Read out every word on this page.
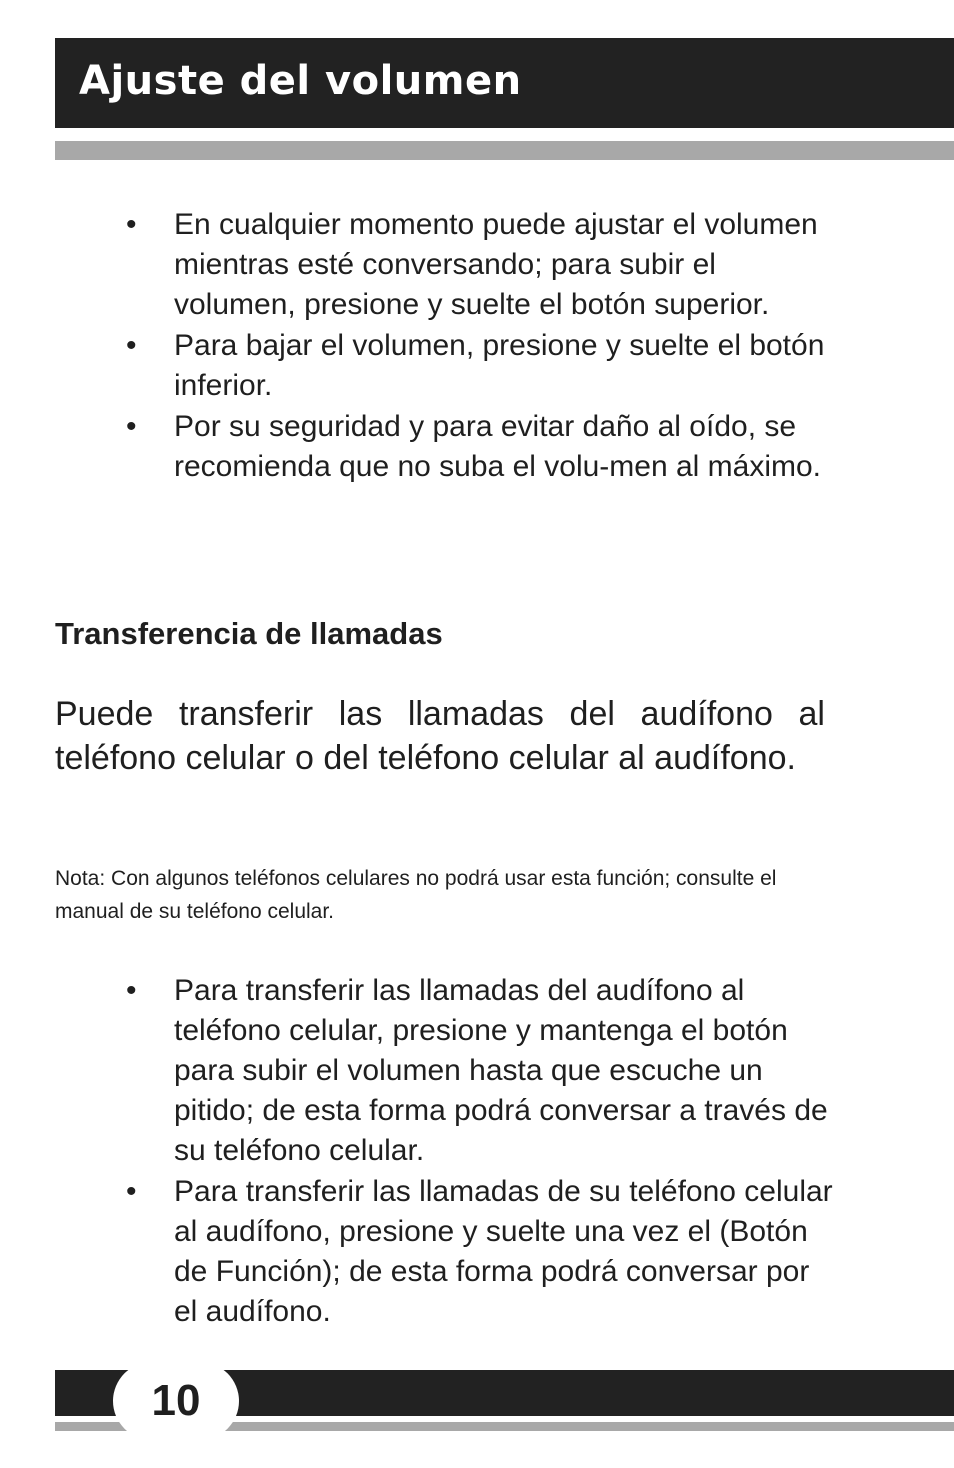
Ajuste del volumen
•	En cualquier momento puede ajustar el volumen mientras esté conversando; para subir el volumen, presione y suelte el botón superior.
•	Para bajar el volumen, presione y suelte el botón inferior.
•	Por su seguridad y para evitar daño al oído, se recomienda que no suba el volu-men al máximo.
Transferencia de llamadas
Puede transferir las llamadas del audífono al teléfono celular o del teléfono celular al audífono.
Nota: Con algunos teléfonos celulares no podrá usar esta función; consulte el manual de su teléfono celular.
•	Para transferir las llamadas del audífono al teléfono celular, presione y mantenga el botón para subir el volumen hasta que escuche un pitido; de esta forma podrá conversar a través de su teléfono celular.
•	Para transferir las llamadas de su teléfono celular al audífono, presione y suelte una vez el (Botón de Función); de esta forma podrá conversar por el audífono.
10
